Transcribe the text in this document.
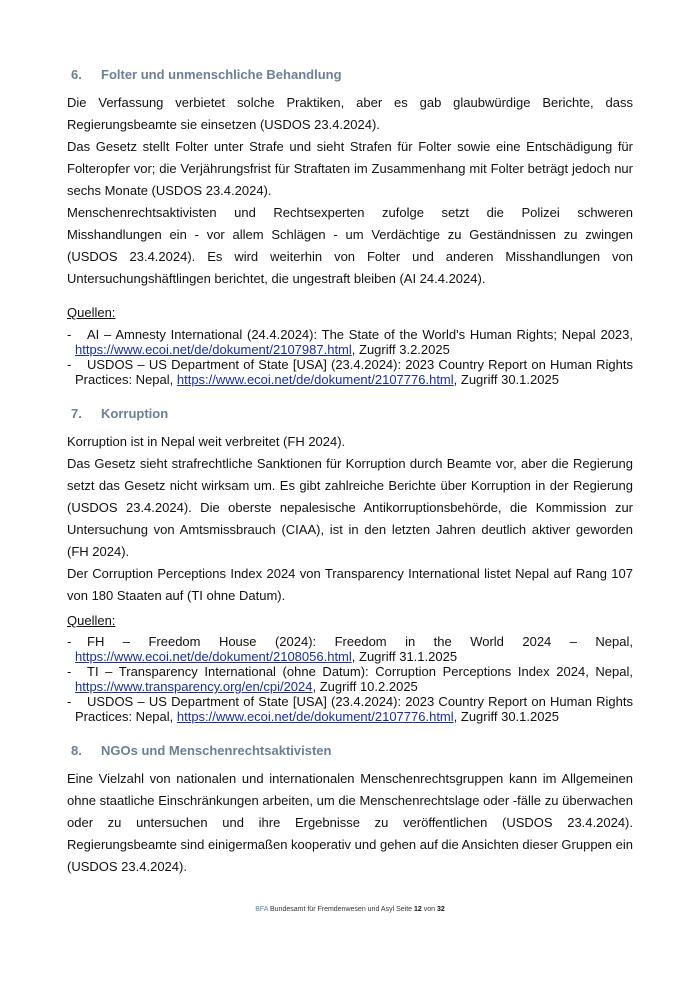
6.	Folter und unmenschliche Behandlung

Die Verfassung verbietet solche Praktiken, aber es gab glaubwürdige Berichte, dass Regierungsbeamte sie einsetzen (USDOS 23.4.2024).

Das Gesetz stellt Folter unter Strafe und sieht Strafen für Folter sowie eine Entschädigung für Folteropfer vor; die Verjährungsfrist für Straftaten im Zusammenhang mit Folter beträgt jedoch nur sechs Monate (USDOS 23.4.2024).

Menschenrechtsaktivisten und Rechtsexperten zufolge setzt die Polizei schweren Misshandlungen ein - vor allem Schlägen - um Verdächtige zu Geständnissen zu zwingen (USDOS 23.4.2024). Es wird weiterhin von Folter und anderen Misshandlungen von Untersuchungshäftlingen berichtet, die ungestraft bleiben (AI 24.4.2024).

Quellen:
-	AI – Amnesty International (24.4.2024): The State of the World's Human Rights; Nepal 2023, https://www.ecoi.net/de/dokument/2107987.html, Zugriff 3.2.2025
-	USDOS – US Department of State [USA] (23.4.2024): 2023 Country Report on Human Rights Practices: Nepal, https://www.ecoi.net/de/dokument/2107776.html, Zugriff 30.1.2025
7.	Korruption

Korruption ist in Nepal weit verbreitet (FH 2024).

Das Gesetz sieht strafrechtliche Sanktionen für Korruption durch Beamte vor, aber die Regierung setzt das Gesetz nicht wirksam um. Es gibt zahlreiche Berichte über Korruption in der Regierung (USDOS 23.4.2024). Die oberste nepalesische Antikorruptionsbehörde, die Kommission zur Untersuchung von Amtsmissbrauch (CIAA), ist in den letzten Jahren deutlich aktiver geworden (FH 2024).

Der Corruption Perceptions Index 2024 von Transparency International listet Nepal auf Rang 107 von 180 Staaten auf (TI ohne Datum).

Quellen:
-	FH – Freedom House (2024): Freedom in the World 2024 – Nepal, https://www.ecoi.net/de/dokument/2108056.html, Zugriff 31.1.2025
-	TI – Transparency International (ohne Datum): Corruption Perceptions Index 2024, Nepal, https://www.transparency.org/en/cpi/2024, Zugriff 10.2.2025
-	USDOS – US Department of State [USA] (23.4.2024): 2023 Country Report on Human Rights Practices: Nepal, https://www.ecoi.net/de/dokument/2107776.html, Zugriff 30.1.2025
8.	NGOs und Menschenrechtsaktivisten

Eine Vielzahl von nationalen und internationalen Menschenrechtsgruppen kann im Allgemeinen ohne staatliche Einschränkungen arbeiten, um die Menschenrechtslage oder -fälle zu überwachen oder zu untersuchen und ihre Ergebnisse zu veröffentlichen (USDOS 23.4.2024). Regierungsbeamte sind einigermaßen kooperativ und gehen auf die Ansichten dieser Gruppen ein (USDOS 23.4.2024).

BFA Bundesamt für Fremdenwesen und Asyl Seite 12 von 32
